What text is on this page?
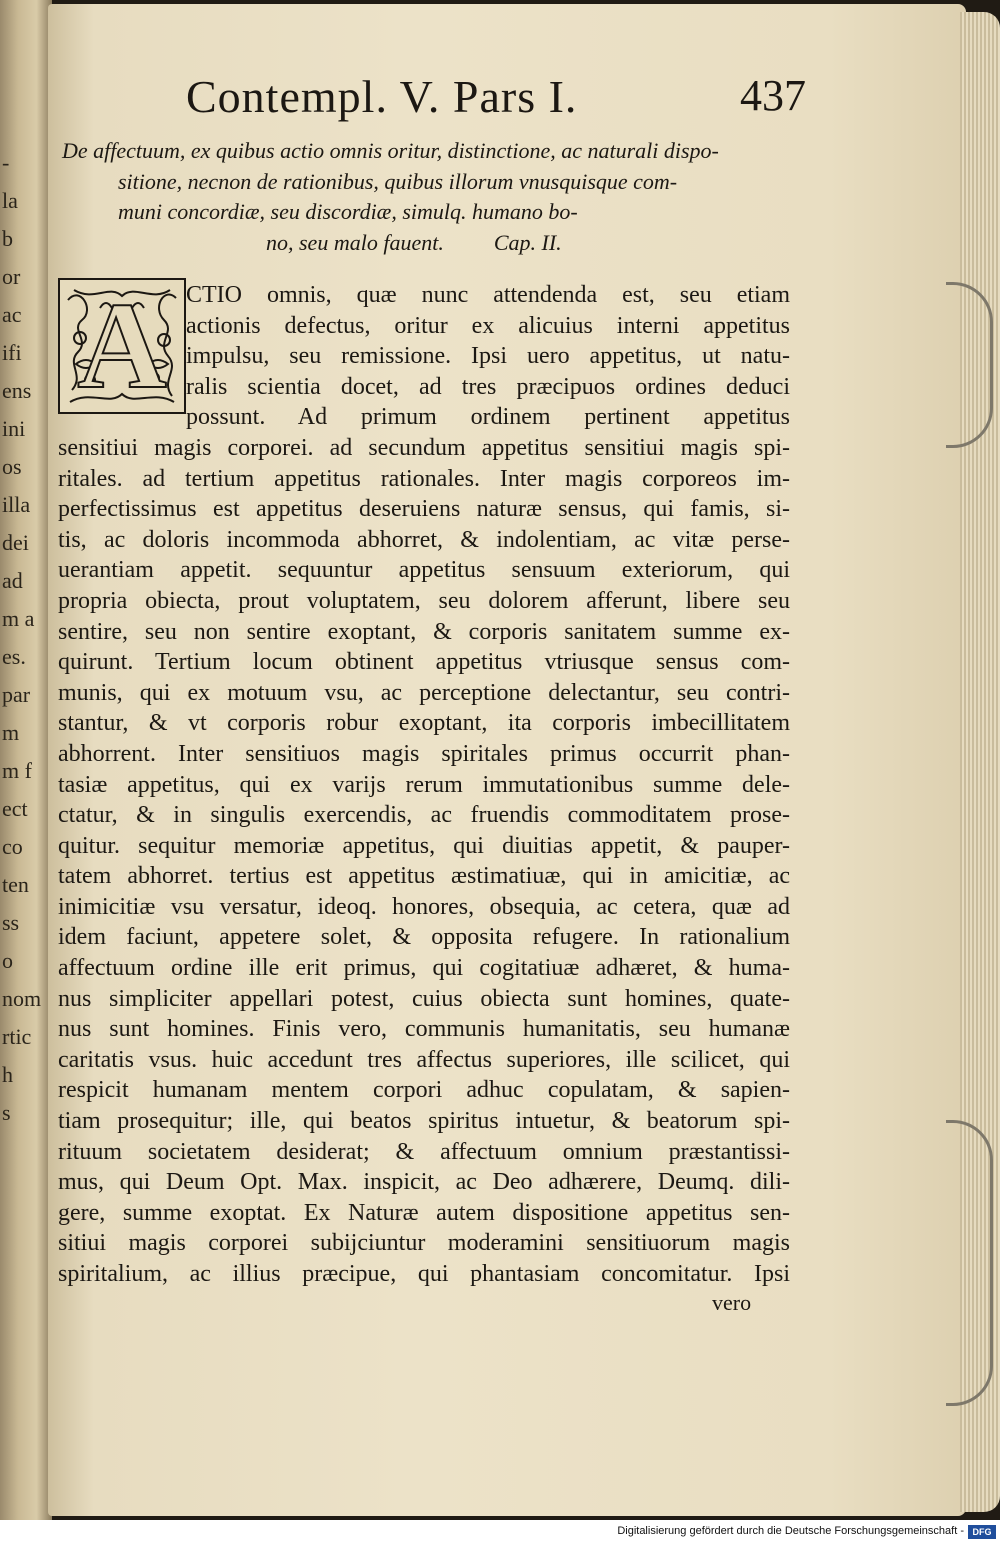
-
la
b
or
ac
ifi
ens
ini
os
illa
dei
ad
m a
es.
par
m
m f
ect
co
ten
ss
o
nom
rtic
h
s
Contempl. V. Pars I.	437
De affectuum, ex quibus actio omnis oritur, distinctione, ac naturali dispo-
sitione, necnon de rationibus, quibus illorum vnusquisque com-
muni concordiæ, seu discordiæ, simulq. humano bo-
no, seu malo fauent. Cap. II.
A CTIO omnis, quæ nunc attendenda est, seu etiam
actionis defectus, oritur ex alicuius interni appetitus
impulsu, seu remissione. Ipsi uero appetitus, ut natu-
ralis scientia docet, ad tres præcipuos ordines deduci
possunt. Ad primum ordinem pertinent appetitus
sensitiui magis corporei. ad secundum appetitus sensitiui magis spi-
ritales. ad tertium appetitus rationales. Inter magis corporeos im-
perfectissimus est appetitus deseruiens naturæ sensus, qui famis, si-
tis, ac doloris incommoda abhorret, & indolentiam, ac vitæ perse-
uerantiam appetit. sequuntur appetitus sensuum exteriorum, qui
propria obiecta, prout voluptatem, seu dolorem afferunt, libere seu
sentire, seu non sentire exoptant, & corporis sanitatem summe ex-
quirunt. Tertium locum obtinent appetitus vtriusque sensus com-
munis, qui ex motuum vsu, ac perceptione delectantur, seu contri-
stantur, & vt corporis robur exoptant, ita corporis imbecillitatem
abhorrent. Inter sensitiuos magis spiritales primus occurrit phan-
tasiæ appetitus, qui ex varijs rerum immutationibus summe dele-
ctatur, & in singulis exercendis, ac fruendis commoditatem prose-
quitur. sequitur memoriæ appetitus, qui diuitias appetit, & pauper-
tatem abhorret. tertius est appetitus æstimatiuæ, qui in amicitiæ, ac
inimicitiæ vsu versatur, ideoq. honores, obsequia, ac cetera, quæ ad
idem faciunt, appetere solet, & opposita refugere. In rationalium
affectuum ordine ille erit primus, qui cogitatiuæ adhæret, & huma-
nus simpliciter appellari potest, cuius obiecta sunt homines, quate-
nus sunt homines. Finis vero, communis humanitatis, seu humanæ
caritatis vsus. huic accedunt tres affectus superiores, ille scilicet, qui
respicit humanam mentem corpori adhuc copulatam, & sapien-
tiam prosequitur; ille, qui beatos spiritus intuetur, & beatorum spi-
rituum societatem desiderat; & affectuum omnium præstantissi-
mus, qui Deum Opt. Max. inspicit, ac Deo adhærere, Deumq. dili-
gere, summe exoptat. Ex Naturæ autem dispositione appetitus sen-
sitiui magis corporei subijciuntur moderamini sensitiuorum magis
spiritalium, ac illius præcipue, qui phantasiam concomitatur. Ipsi
vero
Digitalisierung gefördert durch die Deutsche Forschungsgemeinschaft - DFG
